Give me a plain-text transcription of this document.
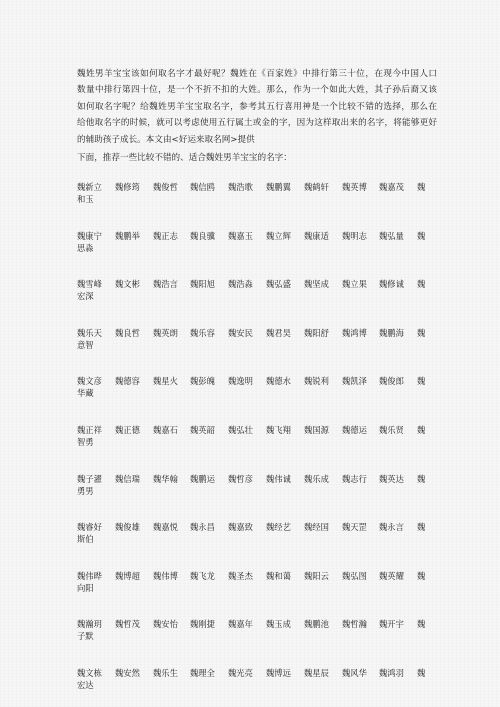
魏姓男羊宝宝该如何取名字才最好呢？魏姓在《百家姓》中排行第三十位，在现今中国人口
数量中排行第四十位，是一个不折不扣的大姓。那么，作为一个如此大姓，其子孙后裔又该
如何取名字呢？给魏姓男羊宝宝取名字，参考其五行喜用神是一个比较不错的选择，那么在
给他取名字的时候，就可以考虑使用五行属土或金的字，因为这样取出来的名字，将能够更好
的辅助孩子成长。本文由<好运来取名网>提供
下面，推荐一些比较不错的、适合魏姓男羊宝宝的名字：
魏新立 魏修筠 魏俊哲 魏信鸥 魏浩歌 魏鹏翼 魏鹤轩 魏英博 魏嘉茂 魏
和玉
魏康宁 魏鹏举 魏正志 魏良骥 魏嘉玉 魏立辉 魏康适 魏明志 魏弘量 魏
思淼
魏雪峰 魏文彬 魏浩言 魏阳旭 魏浩淼 魏弘盛 魏坚成 魏立果 魏修诚 魏
宏深
魏乐天 魏良哲 魏英朗 魏乐容 魏安民 魏君昊 魏阳舒 魏鸿博 魏鹏海 魏
意智
魏文彦 魏德容 魏星火 魏彭魄 魏逸明 魏德水 魏锐利 魏凯泽 魏俊郎 魏
华藏
魏正祥 魏正德 魏嘉石 魏英韶 魏弘壮 魏飞翔 魏国源 魏德运 魏乐贤 魏
智勇
魏子濯 魏信瑞 魏华翰 魏鹏运 魏哲彦 魏伟诚 魏乐成 魏志行 魏英达 魏
勇男
魏睿好 魏俊雄 魏嘉悦 魏永昌 魏嘉致 魏经艺 魏经国 魏天罡 魏永言 魏
斯伯
魏伟晔 魏博超 魏伟博 魏飞龙 魏圣杰 魏和蔼 魏阳云 魏弘图 魏英耀 魏
向阳
魏瀚玥 魏哲茂 魏安怡 魏刚捷 魏嘉年 魏玉成 魏鹏池 魏哲瀚 魏开宇 魏
子默
魏文栋 魏安然 魏乐生 魏理全 魏光亮 魏博远 魏星辰 魏风华 魏鸿羽 魏
宏达
